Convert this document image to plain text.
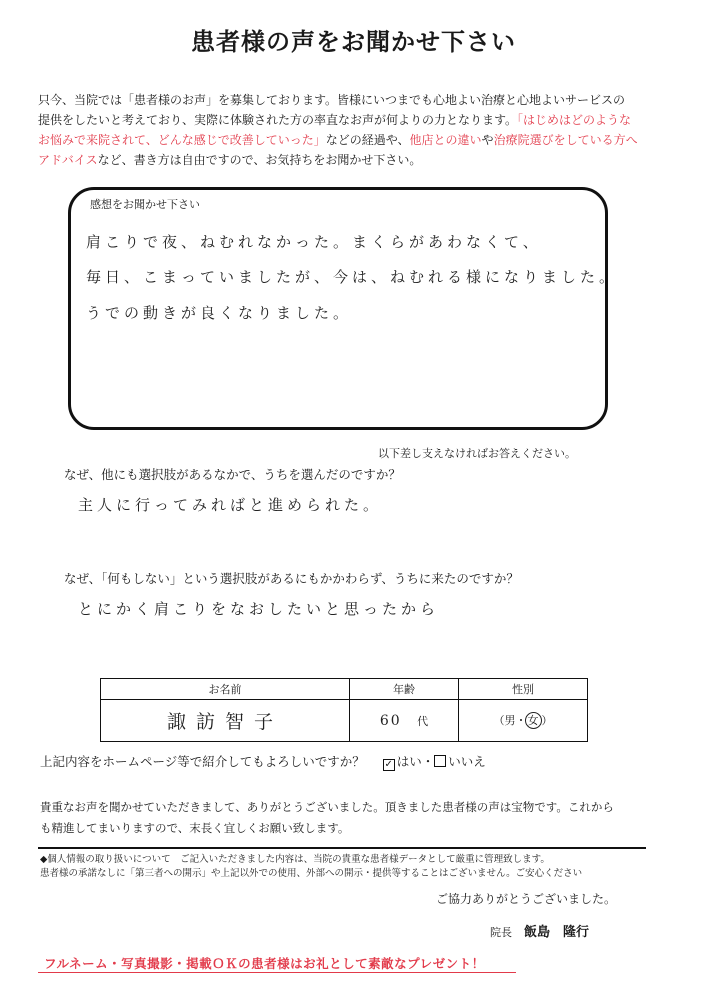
患者様の声をお聞かせ下さい
只今、当院では「患者様のお声」を募集しております。皆様にいつまでも心地よい治療と心地よいサービスの
提供をしたいと考えており、実際に体験された方の率直なお声が何よりの力となります。「はじめはどのような
お悩みで来院されて、どんな感じで改善していった」などの経過や、他店との違いや治療院選びをしている方へ
アドバイスなど、書き方は自由ですので、お気持ちをお聞かせ下さい。
感想をお聞かせ下さい
肩こりで夜、ねむれなかった。まくらがあわなくて、
毎日、こまっていましたが、今は、ねむれる様になりました。
うでの動きが良くなりました。
以下差し支えなければお答えください。
なぜ、他にも選択肢があるなかで、うちを選んだのですか？
主人に行ってみればと進められた。
なぜ、「何もしない」という選択肢があるにもかかわらず、うちに来たのですか？
とにかく肩こりをなおしたいと思ったから
お名前	年齢	性別
諏訪智子	60 代	（男・女 ）
上記内容をホームページ等で紹介してもよろしいですか？ ✓ はい・ いいえ
貴重なお声を聞かせていただきまして、ありがとうございました。頂きました患者様の声は宝物です。これから
も精進してまいりますので、末長く宜しくお願い致します。
◆個人情報の取り扱いについて　ご記入いただきました内容は、当院の貴重な患者様データとして厳重に管理致します。
患者様の承諾なしに「第三者への開示」や上記以外での使用、外部への開示・提供等することはございません。ご安心ください
ご協力ありがとうございました。
院長 飯島　隆行
フルネーム・写真撮影・掲載ＯＫの患者様はお礼として素敵なプレゼント！
